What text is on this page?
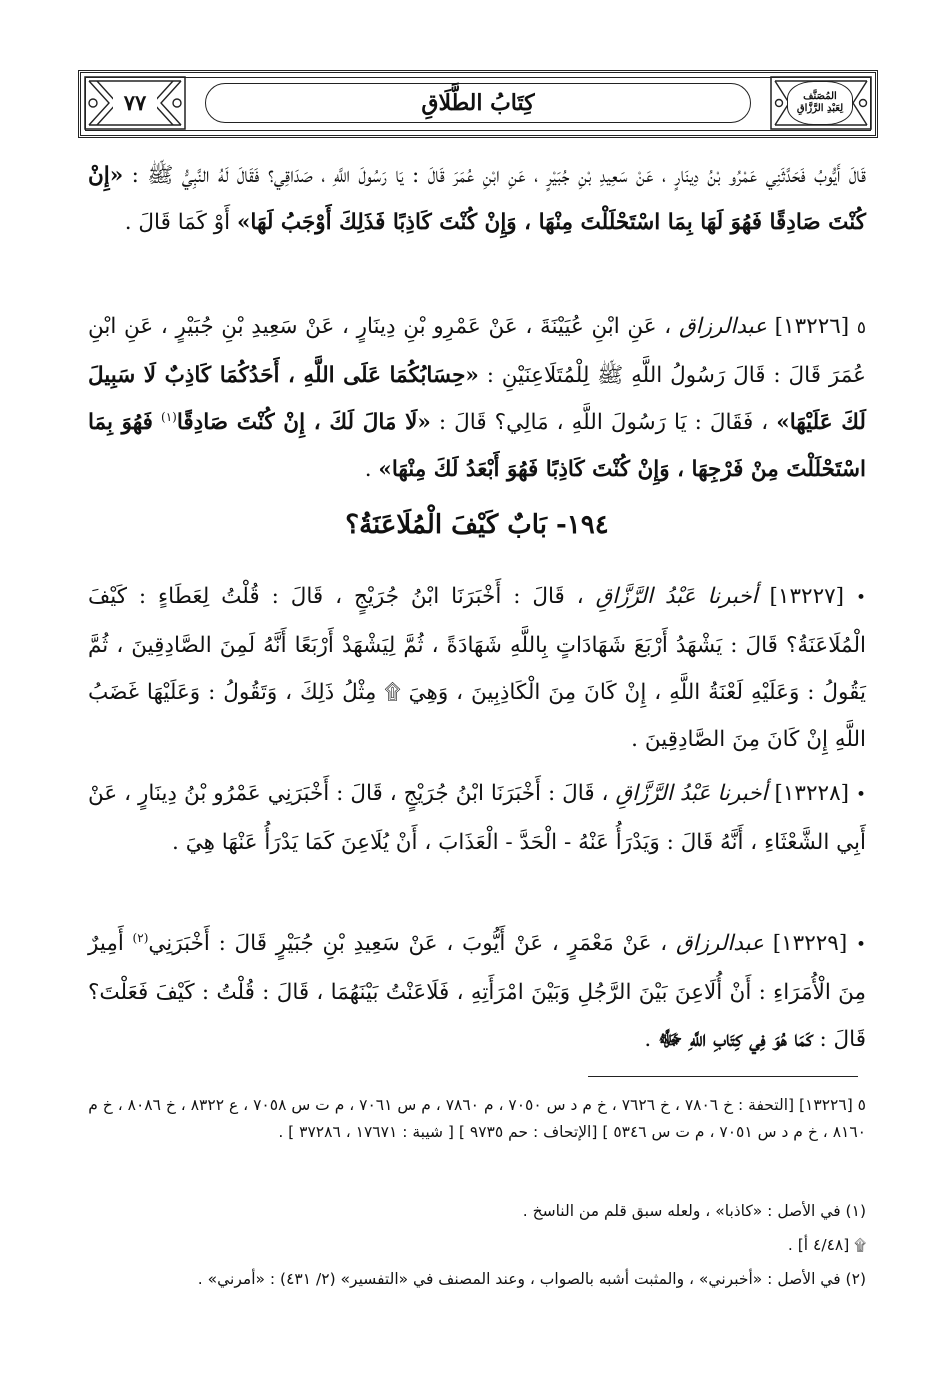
٧٧	كِتَابُ الطَّلَاقِ	المُصَنَّف
لِعَبْدِ الرَّزَّاقِ

قَالَ أَيُّوبُ فَحَدَّثَنِي عَمْرُو بْنُ دِينَارٍ ، عَنْ سَعِيدِ بْنِ جُبَيْرٍ ، عَنِ ابْنِ عُمَرَ قَالَ : يَا رَسُولَ اللَّهِ ، صَدَاقِي؟ فَقَالَ لَهُ النَّبِيُّ ﷺ : «إِنْ كُنْتَ صَادِقًا فَهُوَ لَهَا بِمَا اسْتَحْلَلْتَ مِنْهَا ، وَإِنْ كُنْتَ كَاذِبًا فَذَلِكَ أَوْجَبُ لَهَا» أَوْ كَمَا قَالَ .

٥ [١٣٢٢٦] عبدالرزاق ، عَنِ ابْنِ عُيَيْنَةَ ، عَنْ عَمْرِو بْنِ دِينَارٍ ، عَنْ سَعِيدِ بْنِ جُبَيْرٍ ، عَنِ ابْنِ عُمَرَ قَالَ : قَالَ رَسُولُ اللَّهِ ﷺ لِلْمُتَلَاعِنَيْنِ : «حِسَابُكُمَا عَلَى اللَّهِ ، أَحَدُكُمَا كَاذِبٌ لَا سَبِيلَ لَكَ عَلَيْهَا» ، فَقَالَ : يَا رَسُولَ اللَّهِ ، مَالِي؟ قَالَ : «لَا مَالَ لَكَ ، إِنْ كُنْتَ صَادِقًا$^{(١)}$ فَهُوَ بِمَا اسْتَحْلَلْتَ مِنْ فَرْجِهَا ، وَإِنْ كُنْتَ كَاذِبًا فَهُوَ أَبْعَدُ لَكَ مِنْهَا» .

١٩٤- بَابٌ كَيْفَ الْمُلَاعَنَةُ؟

• [١٣٢٢٧] أخبرنا عَبْدُ الرَّزَّاقِ ، قَالَ : أَخْبَرَنَا ابْنُ جُرَيْجٍ ، قَالَ : قُلْتُ لِعَطَاءٍ : كَيْفَ الْمُلَاعَنَةُ؟ قَالَ : يَشْهَدُ أَرْبَعَ شَهَادَاتٍ بِاللَّهِ شَهَادَةً ، ثُمَّ لِيَشْهَدْ أَرْبَعًا أَنَّهُ لَمِنَ الصَّادِقِينَ ، ثُمَّ يَقُولُ : وَعَلَيْهِ لَعْنَةُ اللَّهِ ، إِنْ كَانَ مِنَ الْكَاذِبِينَ ، وَهِيَ ۩ مِثْلُ ذَلِكَ ، وَتَقُولُ : وَعَلَيْهَا غَضَبُ اللَّهِ إِنْ كَانَ مِنَ الصَّادِقِينَ .

• [١٣٢٢٨] أخبرنا عَبْدُ الرَّزَّاقِ ، قَالَ : أَخْبَرَنَا ابْنُ جُرَيْجٍ ، قَالَ : أَخْبَرَنِي عَمْرُو بْنُ دِينَارٍ ، عَنْ أَبِي الشَّعْثَاءِ ، أَنَّهُ قَالَ : وَيَدْرَأُ عَنْهُ - الْحَدَّ - الْعَذَابَ ، أَنْ يُلَاعِنَ كَمَا يَدْرَأُ عَنْهَا هِيَ .

• [١٣٢٢٩] عبدالرزاق ، عَنْ مَعْمَرٍ ، عَنْ أَيُّوبَ ، عَنْ سَعِيدِ بْنِ جُبَيْرٍ قَالَ : أَخْبَرَنِي$^{(٢)}$ أَمِيرٌ مِنَ الْأُمَرَاءِ : أَنْ أُلَاعِنَ بَيْنَ الرَّجُلِ وَبَيْنَ امْرَأَتِهِ ، فَلَاعَنْتُ بَيْنَهُمَا ، قَالَ : قُلْتُ : كَيْفَ فَعَلْتَ؟ قَالَ : كَمَا هُوَ فِي كِتَابِ اللَّهِ ﷻ .

٥ [١٣٢٢٦] [التحفة : خ ٧٨٠٦ ، خ ٧٦٢٦ ، خ م د س ٧٠٥٠ ، م ٧٨٦٠ ، م س ٧٠٦١ ، م ت س ٧٠٥٨ ، ع ٨٣٢٢ ، خ ٨٠٨٦ ، خ م ٨١٦٠ ، خ م د س ٧٠٥١ ، م ت س ٥٣٤٦ ] [الإتحاف : حم ٩٧٣٥ ] [ شيبة : ١٧٦٧١ ، ٣٧٢٨٦ ] .

(١) في الأصل : «كاذبا» ، ولعله سبق قلم من الناسخ .

۩ [٤/٤٨ أ] .

(٢) في الأصل : «أخبرني» ، والمثبت أشبه بالصواب ، وعند المصنف في «التفسير» (٢/ ٤٣١) : «أمرني» .
